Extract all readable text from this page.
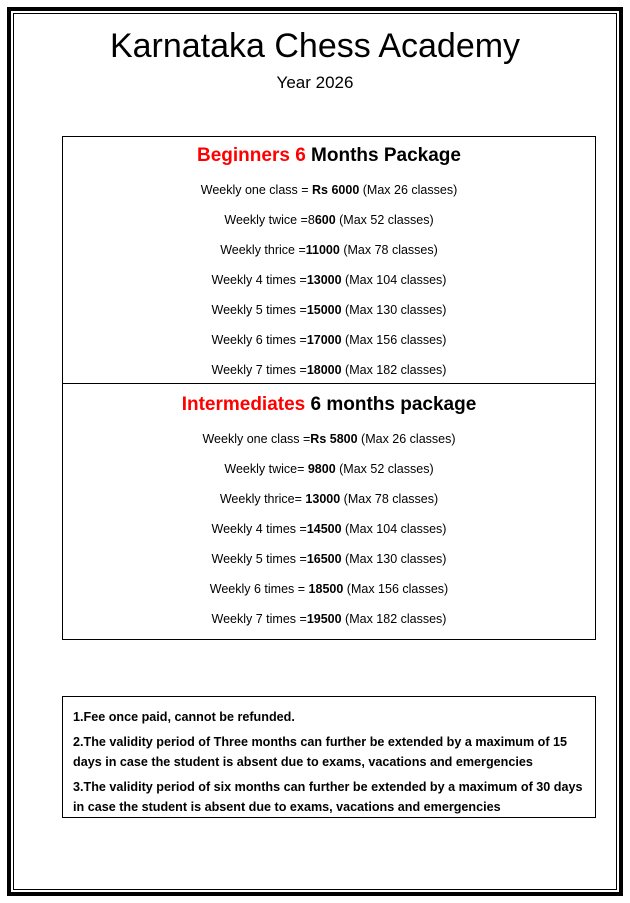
Karnataka Chess Academy
Year 2026
Beginners 6 Months Package

Weekly one class = Rs 6000 (Max 26 classes)

Weekly twice =8600 (Max 52 classes)

Weekly thrice =11000 (Max 78 classes)

Weekly 4 times =13000 (Max 104 classes)

Weekly 5 times =15000 (Max 130 classes)

Weekly 6 times =17000 (Max 156 classes)

Weekly 7 times =18000 (Max 182 classes)

Intermediates 6 months package

Weekly one class =Rs 5800 (Max 26 classes)

Weekly twice= 9800 (Max 52 classes)

Weekly thrice= 13000 (Max 78 classes)

Weekly 4 times =14500 (Max 104 classes)

Weekly 5 times =16500 (Max 130 classes)

Weekly 6 times = 18500 (Max 156 classes)

Weekly 7 times =19500 (Max 182 classes)

1.Fee once paid, cannot be refunded.

2.The validity period of Three months can further be extended by a maximum of 15 days in case the student is absent due to exams, vacations and emergencies

3.The validity period of six months can further be extended by a maximum of 30 days in case the student is absent due to exams, vacations and emergencies
